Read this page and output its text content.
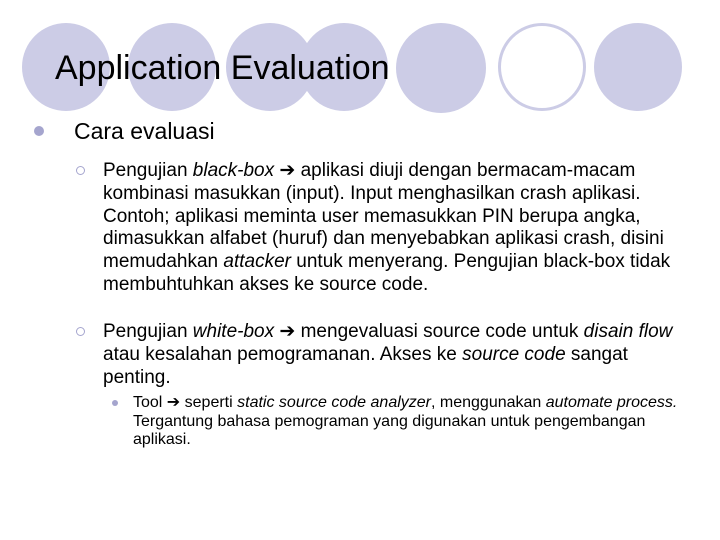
Application Evaluation
Cara evaluasi
Pengujian black-box ➔ aplikasi diuji dengan bermacam-macam kombinasi masukkan (input). Input menghasilkan crash aplikasi. Contoh; aplikasi meminta user memasukkan PIN berupa angka, dimasukkan alfabet (huruf) dan menyebabkan aplikasi crash, disini memudahkan attacker untuk menyerang. Pengujian black-box tidak membuhtuhkan akses ke source code.
Pengujian white-box ➔ mengevaluasi source code untuk disain flow atau kesalahan pemogramanan. Akses ke source code sangat penting.
Tool ➔ seperti static source code analyzer, menggunakan automate process. Tergantung bahasa pemograman yang digunakan untuk pengembangan aplikasi.
